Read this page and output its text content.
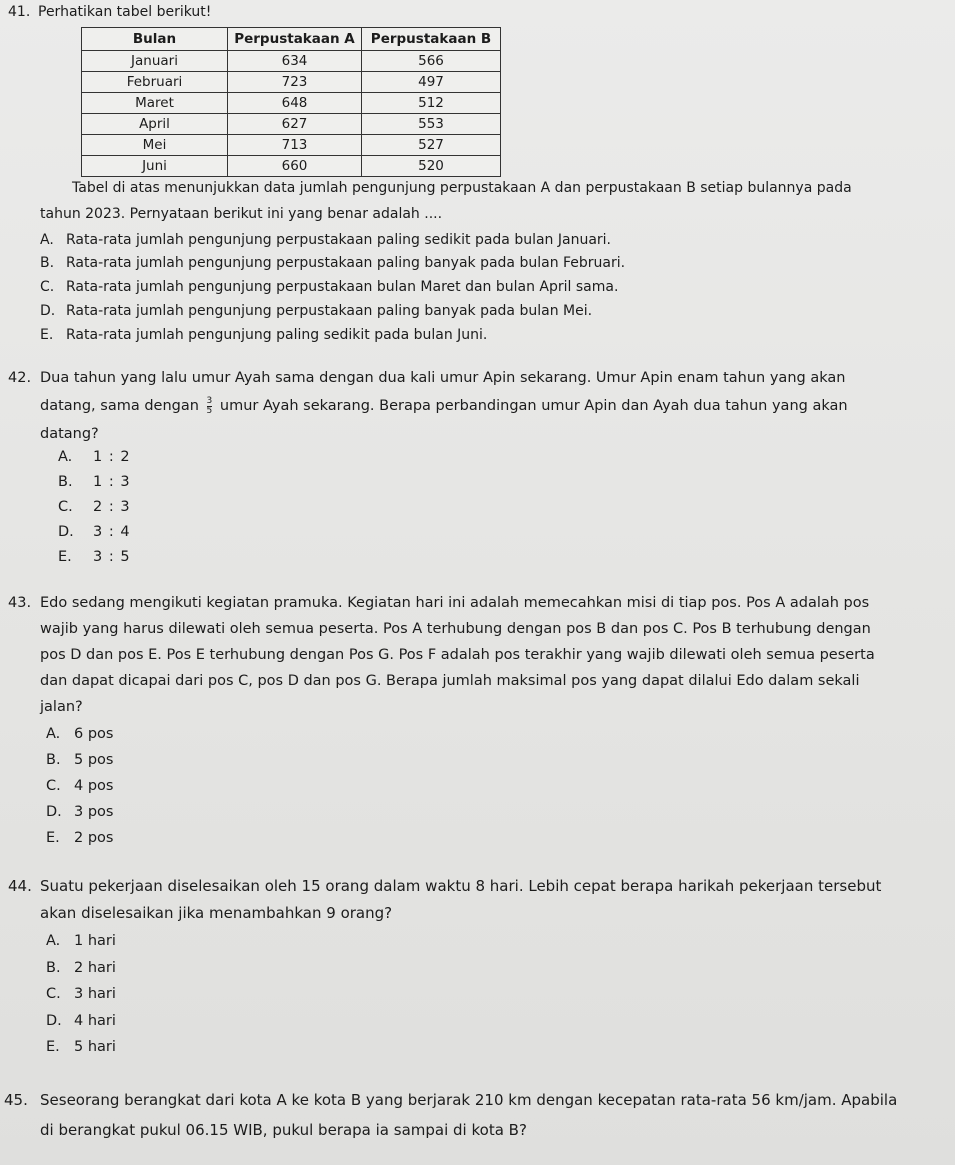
41. Perhatikan tabel berikut!
Bulan	Perpustakaan A	Perpustakaan B
Januari	634	566
Februari	723	497
Maret	648	512
April	627	553
Mei	713	527
Juni	660	520
Tabel di atas menunjukkan data jumlah pengunjung perpustakaan A dan perpustakaan B setiap bulannya pada
tahun 2023. Pernyataan berikut ini yang benar adalah ....
A. Rata-rata jumlah pengunjung perpustakaan paling sedikit pada bulan Januari.
B. Rata-rata jumlah pengunjung perpustakaan paling banyak pada bulan Februari.
C. Rata-rata jumlah pengunjung perpustakaan bulan Maret dan bulan April sama.
D. Rata-rata jumlah pengunjung perpustakaan paling banyak pada bulan Mei.
E. Rata-rata jumlah pengunjung paling sedikit pada bulan Juni.
42. Dua tahun yang lalu umur Ayah sama dengan dua kali umur Apin sekarang. Umur Apin enam tahun yang akan
datang, sama dengan $\frac{3}{5}$ umur Ayah sekarang. Berapa perbandingan umur Apin dan Ayah dua tahun yang akan
datang?
A. 1 : 2
B. 1 : 3
C. 2 : 3
D. 3 : 4
E. 3 : 5
43. Edo sedang mengikuti kegiatan pramuka. Kegiatan hari ini adalah memecahkan misi di tiap pos. Pos A adalah pos
wajib yang harus dilewati oleh semua peserta. Pos A terhubung dengan pos B dan pos C. Pos B terhubung dengan
pos D dan pos E. Pos E terhubung dengan Pos G. Pos F adalah pos terakhir yang wajib dilewati oleh semua peserta
dan dapat dicapai dari pos C, pos D dan pos G. Berapa jumlah maksimal pos yang dapat dilalui Edo dalam sekali
jalan?
A. 6 pos
B. 5 pos
C. 4 pos
D. 3 pos
E. 2 pos
44. Suatu pekerjaan diselesaikan oleh 15 orang dalam waktu 8 hari. Lebih cepat berapa harikah pekerjaan tersebut
akan diselesaikan jika menambahkan 9 orang?
A. 1 hari
B. 2 hari
C. 3 hari
D. 4 hari
E. 5 hari
45. Seseorang berangkat dari kota A ke kota B yang berjarak 210 km dengan kecepatan rata-rata 56 km/jam. Apabila
di berangkat pukul 06.15 WIB, pukul berapa ia sampai di kota B?
